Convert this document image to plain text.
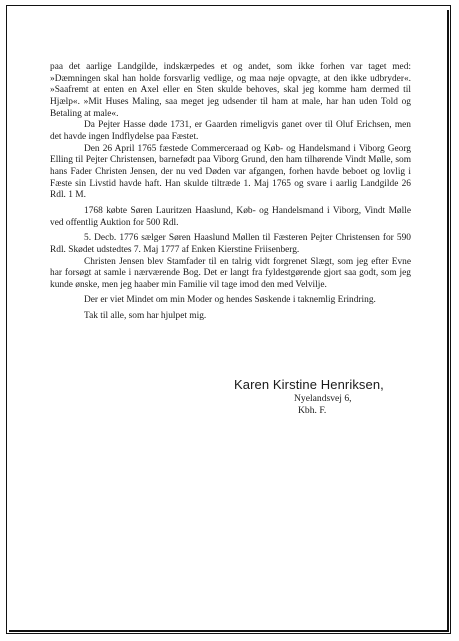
paa det aarlige Landgilde, indskærpedes et og andet, som ikke forhen var taget med: »Dæmningen skal han holde forsvarlig vedlige, og maa nøje opvagte, at den ikke udbryder«. »Saafremt at enten en Axel eller en Sten skulde behoves, skal jeg komme ham dermed til Hjælp«. »Mit Huses Maling, saa meget jeg udsender til ham at male, har han uden Told og Betaling at male«.

Da Pejter Hasse døde 1731, er Gaarden rimeligvis ganet over til Oluf Erichsen, men det havde ingen Indflydelse paa Fæstet.

Den 26 April 1765 fæstede Commerceraad og Køb- og Handelsmand i Viborg Georg Elling til Pejter Christensen, barnefødt paa Viborg Grund, den ham tilhørende Vindt Mølle, som hans Fader Christen Jensen, der nu ved Døden var afgangen, forhen havde beboet og lovlig i Fæste sin Livstid havde haft. Han skulde tiltræde 1. Maj 1765 og svare i aarlig Landgilde 26 Rdl. 1 M.

1768 købte Søren Lauritzen Haaslund, Køb- og Handelsmand i Viborg, Vindt Mølle ved offentlig Auktion for 500 Rdl.

5. Decb. 1776 sælger Søren Haaslund Møllen til Fæsteren Pejter Christensen for 590 Rdl. Skødet udstedtes 7. Maj 1777 af Enken Kierstine Friisenberg.

Christen Jensen blev Stamfader til en talrig vidt forgrenet Slægt, som jeg efter Evne har forsøgt at samle i nærværende Bog. Det er langt fra fyldestgørende gjort saa godt, som jeg kunde ønske, men jeg haaber min Familie vil tage imod den med Velvilje.

Der er viet Mindet om min Moder og hendes Søskende i taknemlig Erindring.

Tak til alle, som har hjulpet mig.

Karen Kirstine Henriksen,
Nyelandsvej 6,
Kbh. F.
